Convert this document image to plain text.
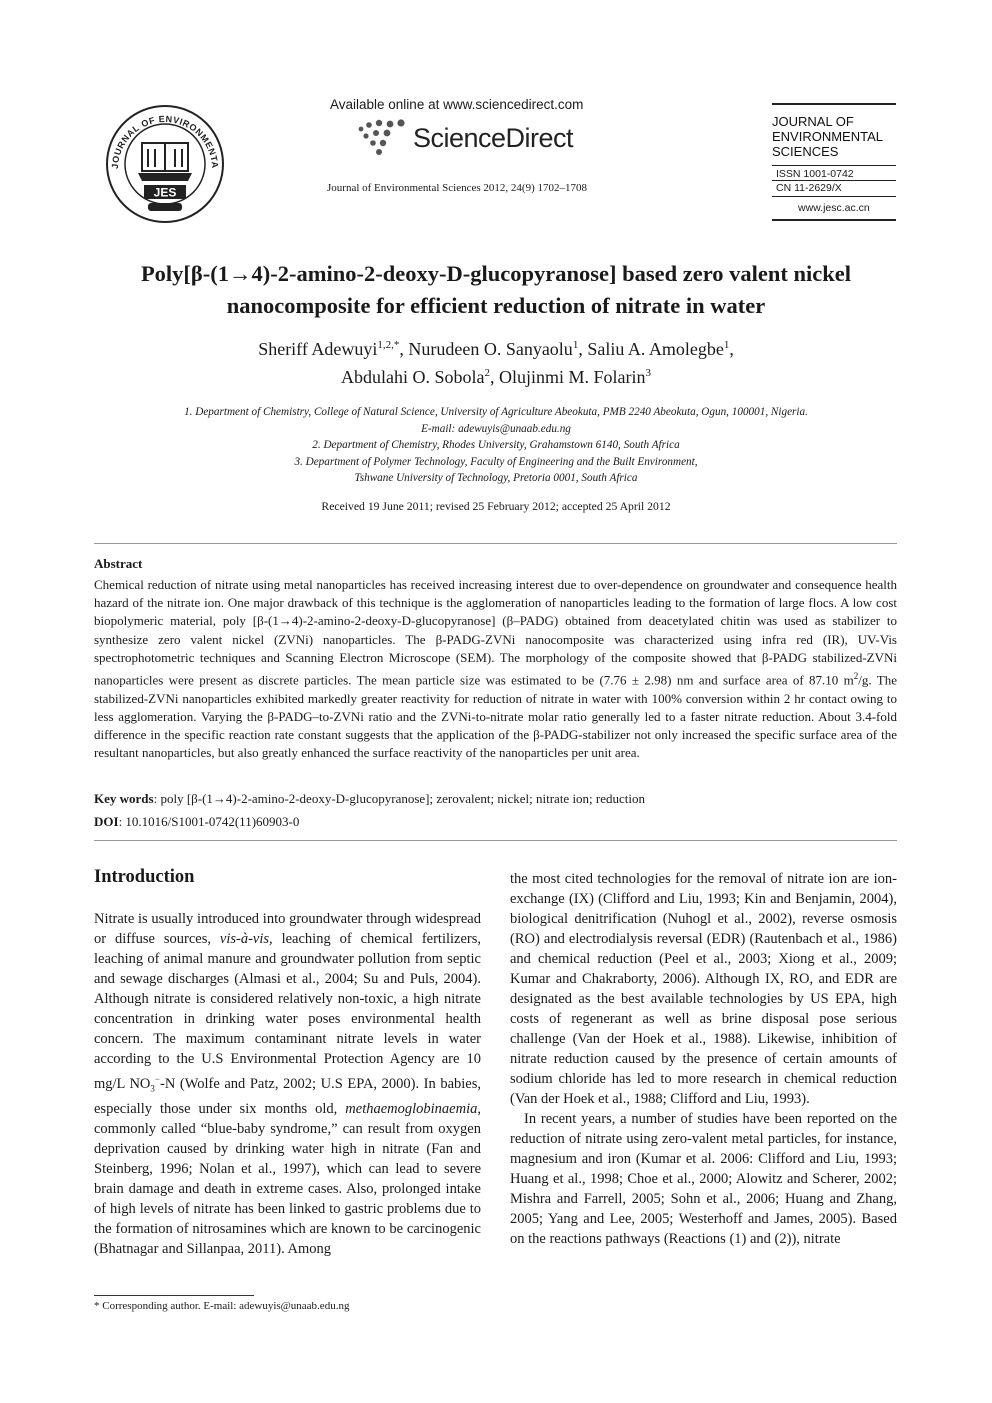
JOURNAL OF ENVIRONMENTA
JES
Available online at www.sciencedirect.com
ScienceDirect
Journal of Environmental Sciences 2012, 24(9) 1702–1708
JOURNAL OF
ENVIRONMENTAL
SCIENCES
ISSN 1001-0742
CN 11-2629/X
www.jesc.ac.cn
Poly[β-(1→4)-2-amino-2-deoxy-D-glucopyranose] based zero valent nickel
nanocomposite for efficient reduction of nitrate in water
Sheriff Adewuyi$^{1,2,*}$, Nurudeen O. Sanyaolu$^1$, Saliu A. Amolegbe$^1$,
Abdulahi O. Sobola$^2$, Olujinmi M. Folarin$^3$
1. Department of Chemistry, College of Natural Science, University of Agriculture Abeokuta, PMB 2240 Abeokuta, Ogun, 100001, Nigeria.
E-mail: adewuyis@unaab.edu.ng
2. Department of Chemistry, Rhodes University, Grahamstown 6140, South Africa
3. Department of Polymer Technology, Faculty of Engineering and the Built Environment,
Tshwane University of Technology, Pretoria 0001, South Africa
Received 19 June 2011; revised 25 February 2012; accepted 25 April 2012
Abstract
Chemical reduction of nitrate using metal nanoparticles has received increasing interest due to over-dependence on groundwater and consequence health hazard of the nitrate ion. One major drawback of this technique is the agglomeration of nanoparticles leading to the formation of large flocs. A low cost biopolymeric material, poly [β-(1→4)-2-amino-2-deoxy-D-glucopyranose] (β–PADG) obtained from deacetylated chitin was used as stabilizer to synthesize zero valent nickel (ZVNi) nanoparticles. The β-PADG-ZVNi nanocomposite was characterized using infra red (IR), UV-Vis spectrophotometric techniques and Scanning Electron Microscope (SEM). The morphology of the composite showed that β-PADG stabilized-ZVNi nanoparticles were present as discrete particles. The mean particle size was estimated to be (7.76 ± 2.98) nm and surface area of 87.10 $m^2/g$. The stabilized-ZVNi nanoparticles exhibited markedly greater reactivity for reduction of nitrate in water with 100% conversion within 2 hr contact owing to less agglomeration. Varying the β-PADG–to-ZVNi ratio and the ZVNi-to-nitrate molar ratio generally led to a faster nitrate reduction. About 3.4-fold difference in the specific reaction rate constant suggests that the application of the β-PADG-stabilizer not only increased the specific surface area of the resultant nanoparticles, but also greatly enhanced the surface reactivity of the nanoparticles per unit area.
Key words: poly [β-(1→4)-2-amino-2-deoxy-D-glucopyranose]; zerovalent; nickel; nitrate ion; reduction
DOI: 10.1016/S1001-0742(11)60903-0
Introduction

Nitrate is usually introduced into groundwater through widespread or diffuse sources, vis-à-vis, leaching of chemical fertilizers, leaching of animal manure and groundwater pollution from septic and sewage discharges (Almasi et al., 2004; Su and Puls, 2004). Although nitrate is considered relatively non-toxic, a high nitrate concentration in drinking water poses environmental health concern. The maximum contaminant nitrate levels in water according to the U.S Environmental Protection Agency are 10 mg/L $NO_3^--N$ (Wolfe and Patz, 2002; U.S EPA, 2000). In babies, especially those under six months old, methaemoglobinaemia, commonly called “blue-baby syndrome,” can result from oxygen deprivation caused by drinking water high in nitrate (Fan and Steinberg, 1996; Nolan et al., 1997), which can lead to severe brain damage and death in extreme cases. Also, prolonged intake of high levels of nitrate has been linked to gastric problems due to the formation of nitrosamines which are known to be carcinogenic (Bhatnagar and Sillanpaa, 2011). Among

the most cited technologies for the removal of nitrate ion are ion-exchange (IX) (Clifford and Liu, 1993; Kin and Benjamin, 2004), biological denitrification (Nuhogl et al., 2002), reverse osmosis (RO) and electrodialysis reversal (EDR) (Rautenbach et al., 1986) and chemical reduction (Peel et al., 2003; Xiong et al., 2009; Kumar and Chakraborty, 2006). Although IX, RO, and EDR are designated as the best available technologies by US EPA, high costs of regenerant as well as brine disposal pose serious challenge (Van der Hoek et al., 1988). Likewise, inhibition of nitrate reduction caused by the presence of certain amounts of sodium chloride has led to more research in chemical reduction (Van der Hoek et al., 1988; Clifford and Liu, 1993).

In recent years, a number of studies have been reported on the reduction of nitrate using zero-valent metal particles, for instance, magnesium and iron (Kumar et al. 2006: Clifford and Liu, 1993; Huang et al., 1998; Choe et al., 2000; Alowitz and Scherer, 2002; Mishra and Farrell, 2005; Sohn et al., 2006; Huang and Zhang, 2005; Yang and Lee, 2005; Westerhoff and James, 2005). Based on the reactions pathways (Reactions (1) and (2)), nitrate

* Corresponding author. E-mail: adewuyis@unaab.edu.ng
